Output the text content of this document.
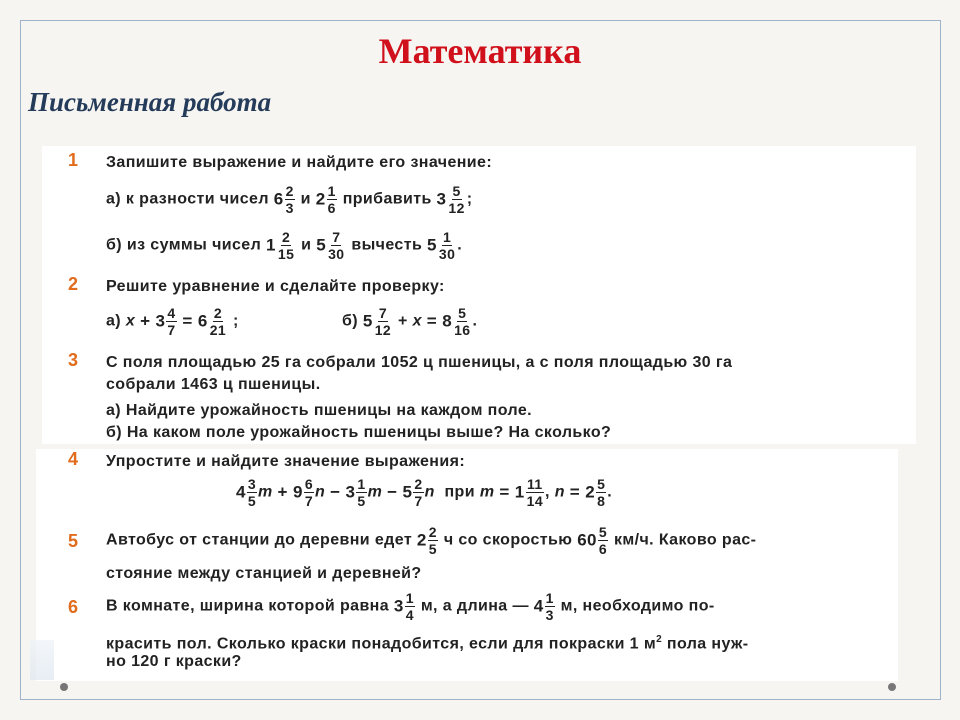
Математика
Письменная работа
1 Запишите выражение и найдите его значение:
а) к разности чисел $6 \frac{2}{3}$ и $2 \frac{1}{6}$ прибавить $3 \frac{5}{12}$ ;
б) из суммы чисел $1 \frac{2}{15}$ и $5 \frac{7}{30}$ вычесть $5 \frac{1}{30}$ .
2 Решите уравнение и сделайте проверку:
а) $x + 3 \frac{4}{7} = 6 \frac{2}{21}$ ;	б) $5 \frac{7}{12} + x = 8 \frac{5}{16}$ .
3 С поля площадью 25 га собрали 1052 ц пшеницы, а с поля площадью 30 га
собрали 1463 ц пшеницы.
а) Найдите урожайность пшеницы на каждом поле.
б) На каком поле урожайность пшеницы выше? На сколько?
4 Упростите и найдите значение выражения:
$4 \frac{3}{5}$ $m + 9 \frac{6}{7}$ $n - 3 \frac{1}{5}$ $m - 5 \frac{2}{7}$ n при $m = 1 \frac{11}{14}$ , $n = 2 \frac{5}{8}$ .
5 Автобус от станции до деревни едет $2 \frac{2}{5}$ ч со скоростью $60 \frac{5}{6} км/ч$. Каково рас-
стояние между станцией и деревней?
6 В комнате, ширина которой равна $3 \frac{1}{4} м$, а длина — $4 \frac{1}{3} м$, необходимо по-
красить пол. Сколько краски понадобится, если для покраски 1 $м^2$ пола нуж-
но 120 г краски?
